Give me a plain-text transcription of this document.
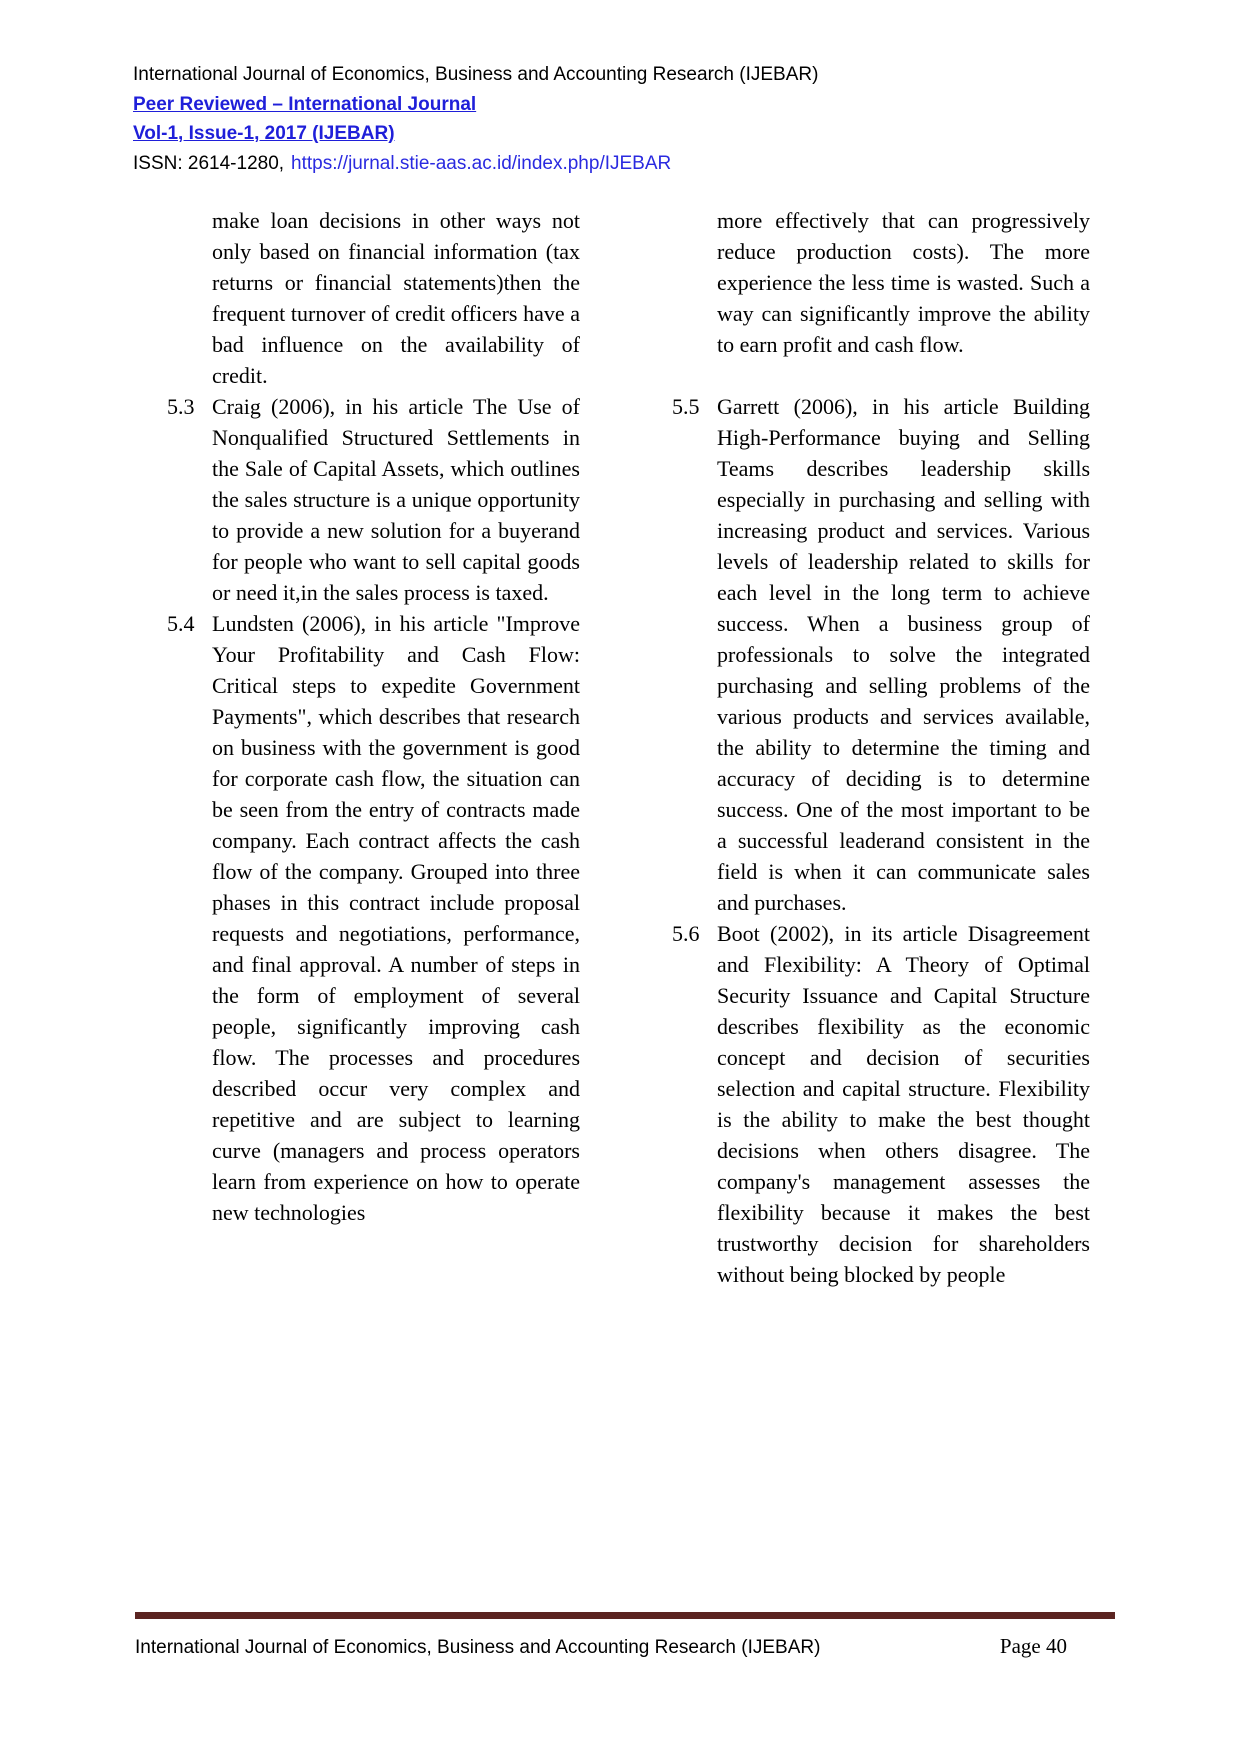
International Journal of Economics, Business and Accounting Research (IJEBAR)
Peer Reviewed – International Journal
Vol-1, Issue-1, 2017 (IJEBAR)
ISSN: 2614-1280, https://jurnal.stie-aas.ac.id/index.php/IJEBAR

make loan decisions in other ways not only based on financial information (tax returns or financial statements)then the frequent turnover of credit officers have a bad influence on the availability of credit.

5.3 Craig (2006), in his article The Use of Nonqualified Structured Settlements in the Sale of Capital Assets, which outlines the sales structure is a unique opportunity to provide a new solution for a buyerand for people who want to sell capital goods or need it,in the sales process is taxed.

5.4 Lundsten (2006), in his article "Improve Your Profitability and Cash Flow: Critical steps to expedite Government Payments", which describes that research on business with the government is good for corporate cash flow, the situation can be seen from the entry of contracts made company. Each contract affects the cash flow of the company. Grouped into three phases in this contract include proposal requests and negotiations, performance, and final approval. A number of steps in the form of employment of several people, significantly improving cash flow. The processes and procedures described occur very complex and repetitive and are subject to learning curve (managers and process operators learn from experience on how to operate new technologies

more effectively that can progressively reduce production costs). The more experience the less time is wasted. Such a way can significantly improve the ability to earn profit and cash flow.

5.5 Garrett (2006), in his article Building High-Performance buying and Selling Teams describes leadership skills especially in purchasing and selling with increasing product and services. Various levels of leadership related to skills for each level in the long term to achieve success. When a business group of professionals to solve the integrated purchasing and selling problems of the various products and services available, the ability to determine the timing and accuracy of deciding is to determine success. One of the most important to be a successful leaderand consistent in the field is when it can communicate sales and purchases.

5.6 Boot (2002), in its article Disagreement and Flexibility: A Theory of Optimal Security Issuance and Capital Structure describes flexibility as the economic concept and decision of securities selection and capital structure. Flexibility is the ability to make the best thought decisions when others disagree. The company's management assesses the flexibility because it makes the best trustworthy decision for shareholders without being blocked by people

International Journal of Economics, Business and Accounting Research (IJEBAR)	Page 40
